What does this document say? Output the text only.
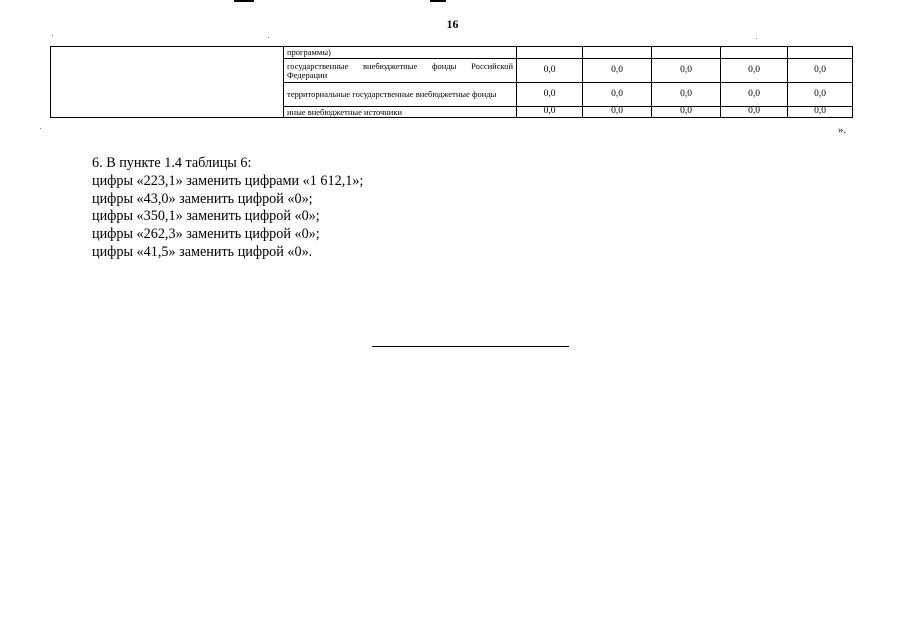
16
	программы)					
	государственные внебюджетные фонды Российской Федерации	0,0	0,0	0,0	0,0	0,0
	территориальные государственные внебюджетные фонды	0,0	0,0	0,0	0,0	0,0
	иные внебюджетные источники	0,0	0,0	0,0	0,0	0,0
».
6. В пункте 1.4 таблицы 6:
цифры «223,1» заменить цифрами «1 612,1»;
цифры «43,0» заменить цифрой «0»;
цифры «350,1» заменить цифрой «0»;
цифры «262,3» заменить цифрой «0»;
цифры «41,5» заменить цифрой «0».
